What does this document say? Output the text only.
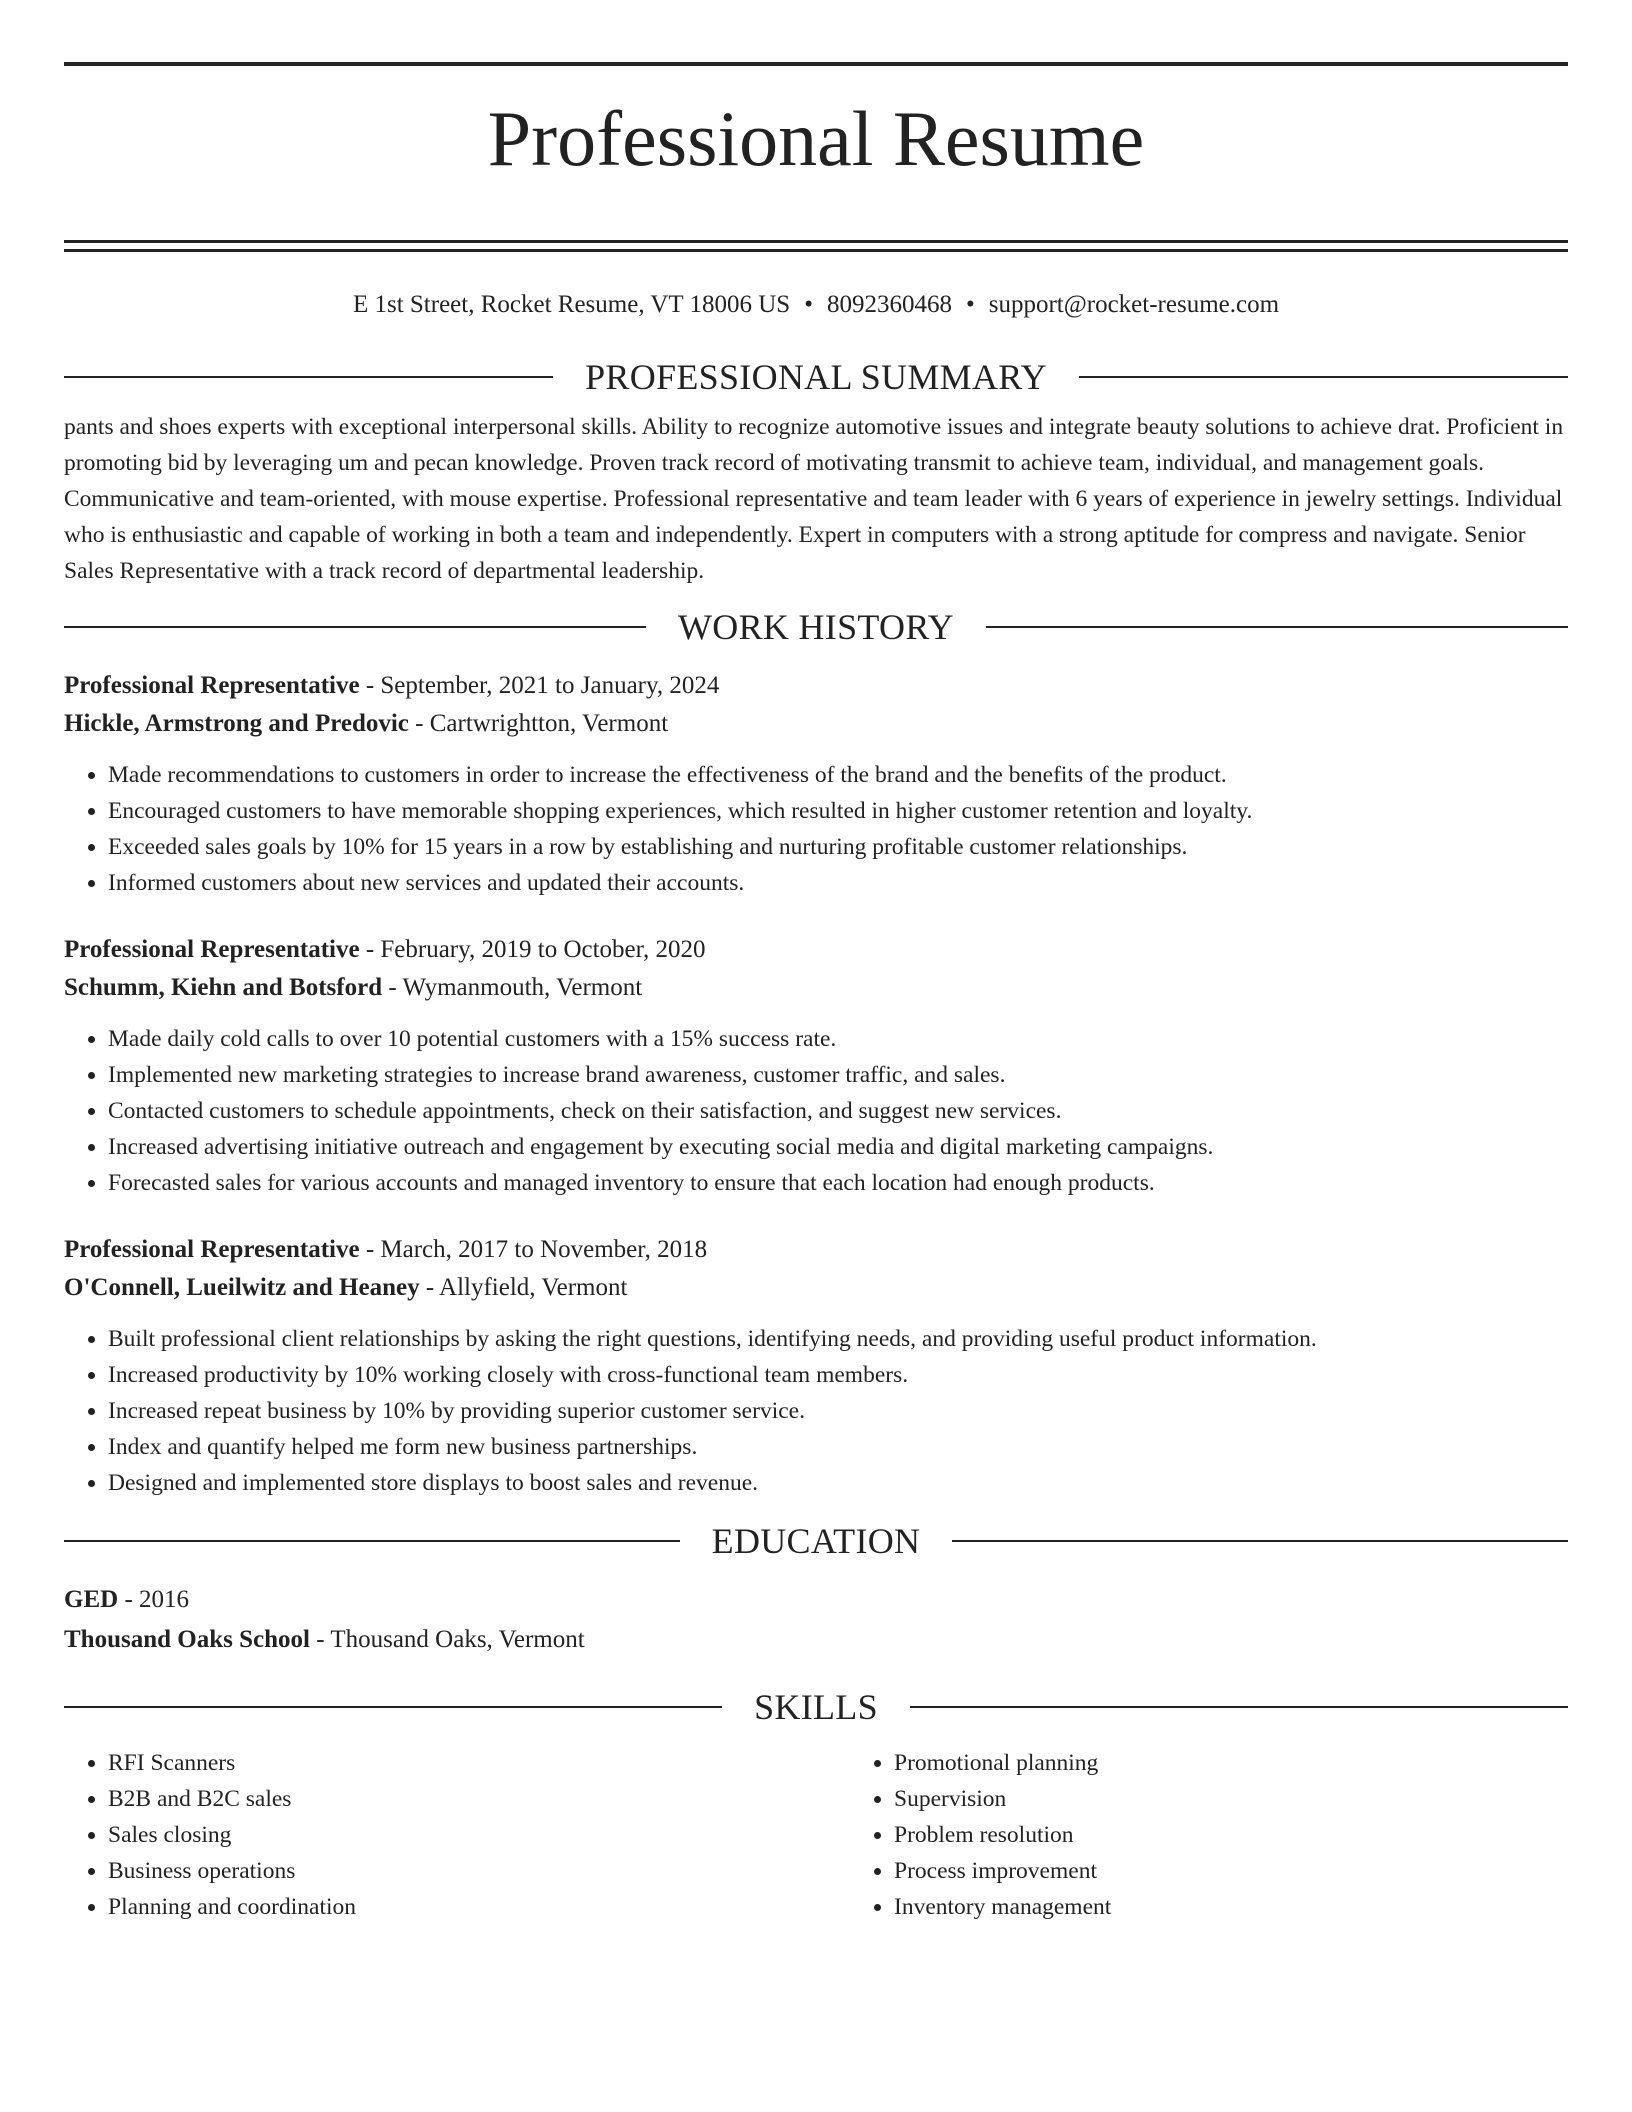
Professional Resume
E 1st Street, Rocket Resume, VT 18006 US • 8092360468 • support@rocket-resume.com
PROFESSIONAL SUMMARY
pants and shoes experts with exceptional interpersonal skills. Ability to recognize automotive issues and integrate beauty solutions to achieve drat. Proficient in promoting bid by leveraging um and pecan knowledge. Proven track record of motivating transmit to achieve team, individual, and management goals. Communicative and team-oriented, with mouse expertise. Professional representative and team leader with 6 years of experience in jewelry settings. Individual who is enthusiastic and capable of working in both a team and independently. Expert in computers with a strong aptitude for compress and navigate. Senior Sales Representative with a track record of departmental leadership.
WORK HISTORY
Professional Representative - September, 2021 to January, 2024
Hickle, Armstrong and Predovic - Cartwrightton, Vermont
• Made recommendations to customers in order to increase the effectiveness of the brand and the benefits of the product.
• Encouraged customers to have memorable shopping experiences, which resulted in higher customer retention and loyalty.
• Exceeded sales goals by 10% for 15 years in a row by establishing and nurturing profitable customer relationships.
• Informed customers about new services and updated their accounts.
Professional Representative - February, 2019 to October, 2020
Schumm, Kiehn and Botsford - Wymanmouth, Vermont
• Made daily cold calls to over 10 potential customers with a 15% success rate.
• Implemented new marketing strategies to increase brand awareness, customer traffic, and sales.
• Contacted customers to schedule appointments, check on their satisfaction, and suggest new services.
• Increased advertising initiative outreach and engagement by executing social media and digital marketing campaigns.
• Forecasted sales for various accounts and managed inventory to ensure that each location had enough products.
Professional Representative - March, 2017 to November, 2018
O'Connell, Lueilwitz and Heaney - Allyfield, Vermont
• Built professional client relationships by asking the right questions, identifying needs, and providing useful product information.
• Increased productivity by 10% working closely with cross-functional team members.
• Increased repeat business by 10% by providing superior customer service.
• Index and quantify helped me form new business partnerships.
• Designed and implemented store displays to boost sales and revenue.
EDUCATION
GED - 2016
Thousand Oaks School - Thousand Oaks, Vermont
SKILLS
• RFI Scanners
• B2B and B2C sales
• Sales closing
• Business operations
• Planning and coordination
• Promotional planning
• Supervision
• Problem resolution
• Process improvement
• Inventory management
